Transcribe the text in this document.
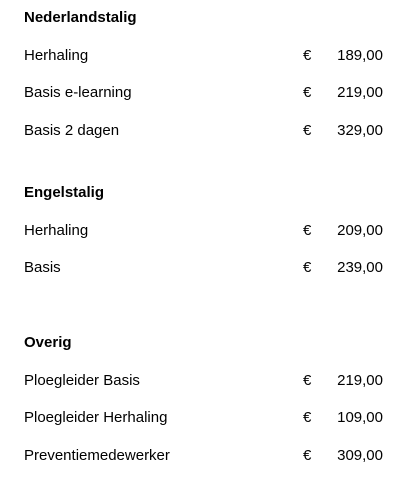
Nederlandstalig
Herhaling	€ 189,00
Basis e-learning	€ 219,00
Basis 2 dagen	€ 329,00
Engelstalig
Herhaling	€ 209,00
Basis	€ 239,00
Overig
Ploegleider Basis	€ 219,00
Ploegleider Herhaling	€ 109,00
Preventiemedewerker	€ 309,00
